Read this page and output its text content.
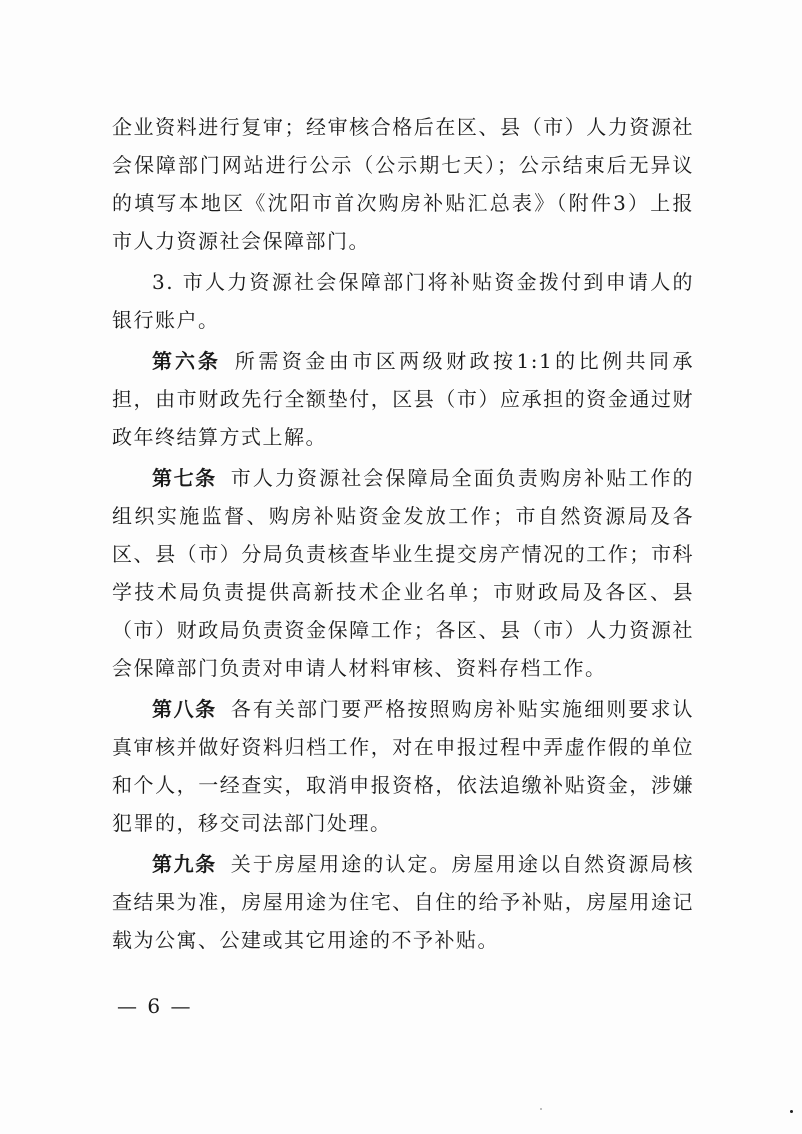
企业资料进行复审；经审核合格后在区、县（市）人力资源社会保障部门网站进行公示（公示期七天）；公示结束后无异议的填写本地区《沈阳市首次购房补贴汇总表》（附件3）上报市人力资源社会保障部门。

3. 市人力资源社会保障部门将补贴资金拨付到申请人的银行账户。

第六条 所需资金由市区两级财政按1:1的比例共同承担，由市财政先行全额垫付，区县（市）应承担的资金通过财政年终结算方式上解。

第七条 市人力资源社会保障局全面负责购房补贴工作的组织实施监督、购房补贴资金发放工作；市自然资源局及各区、县（市）分局负责核查毕业生提交房产情况的工作；市科学技术局负责提供高新技术企业名单；市财政局及各区、县（市）财政局负责资金保障工作；各区、县（市）人力资源社会保障部门负责对申请人材料审核、资料存档工作。

第八条 各有关部门要严格按照购房补贴实施细则要求认真审核并做好资料归档工作，对在申报过程中弄虚作假的单位和个人，一经查实，取消申报资格，依法追缴补贴资金，涉嫌犯罪的，移交司法部门处理。

第九条 关于房屋用途的认定。房屋用途以自然资源局核查结果为准，房屋用途为住宅、自住的给予补贴，房屋用途记载为公寓、公建或其它用途的不予补贴。

— 6 —
